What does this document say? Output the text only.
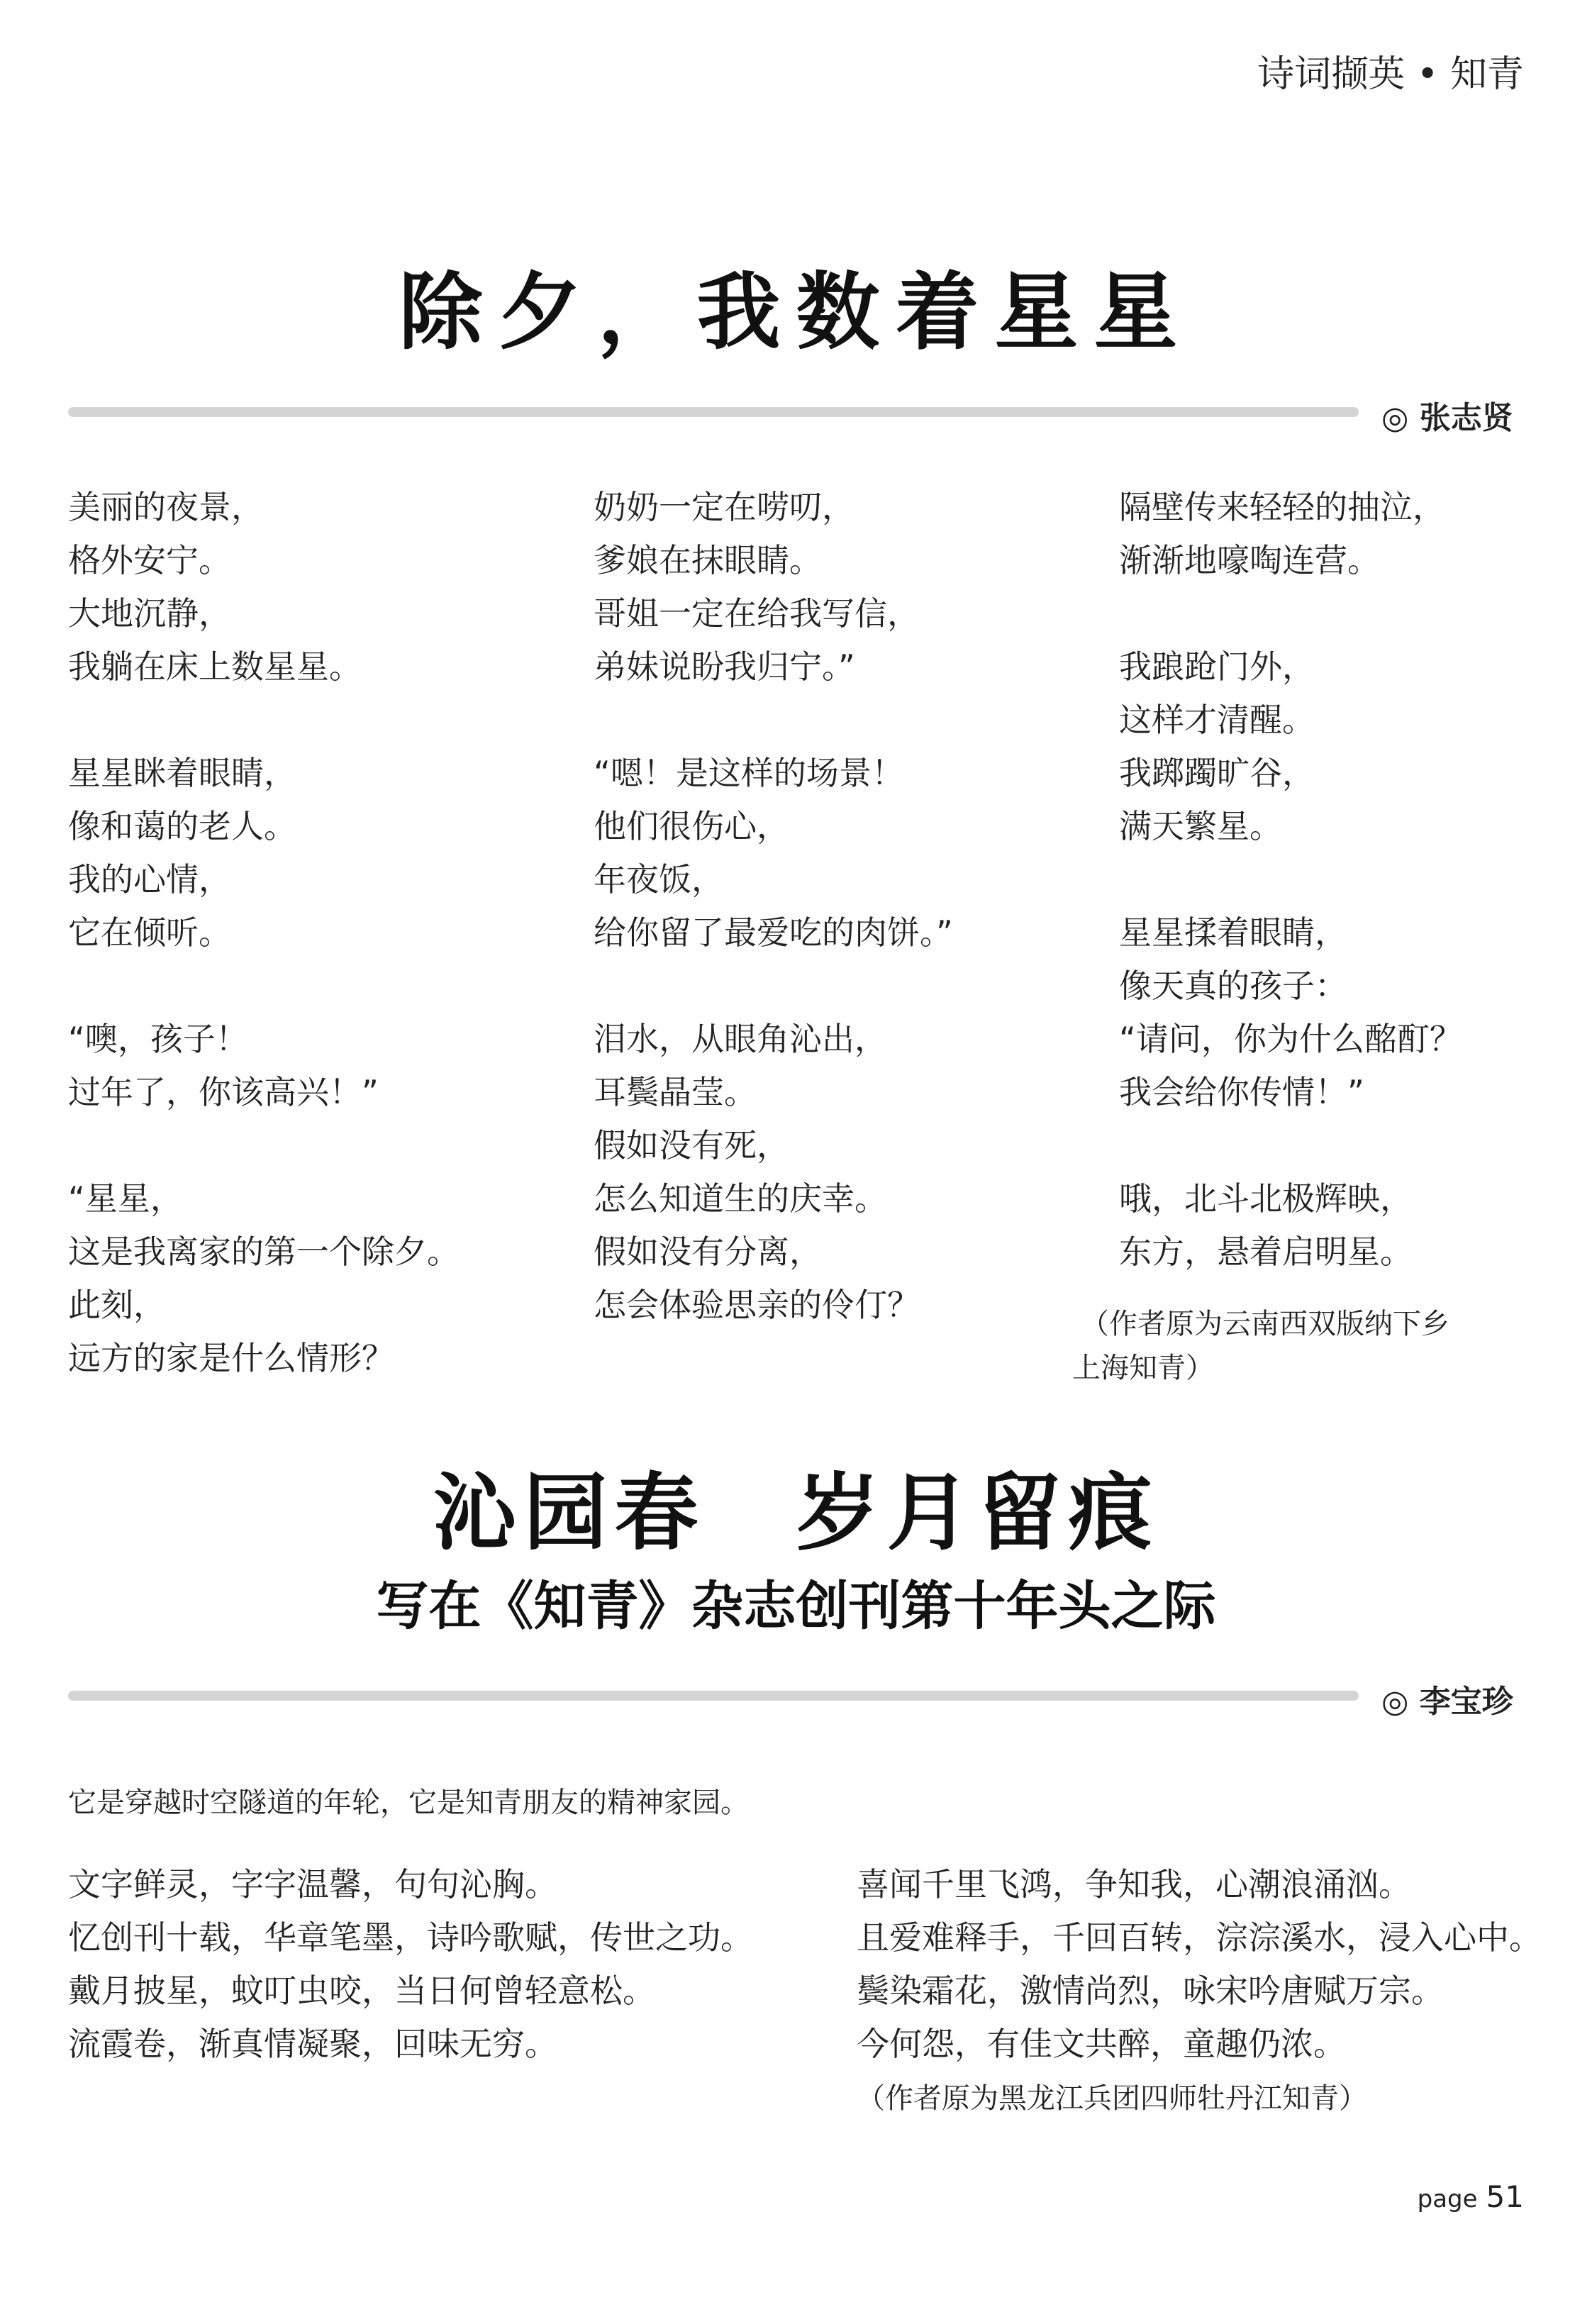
诗词撷英 • 知青
除夕，我数着星星
◎ 张志贤
美丽的夜景，
格外安宁。
大地沉静，
我躺在床上数星星。
星星眯着眼睛，
像和蔼的老人。
我的心情，
它在倾听。
“噢，孩子！
过年了，你该高兴！”
“星星，
这是我离家的第一个除夕。
此刻，
远方的家是什么情形？
奶奶一定在唠叨，
爹娘在抹眼睛。
哥姐一定在给我写信，
弟妹说盼我归宁。”
“嗯！是这样的场景！
他们很伤心，
年夜饭，
给你留了最爱吃的肉饼。”
泪水，从眼角沁出，
耳鬓晶莹。
假如没有死，
怎么知道生的庆幸。
假如没有分离，
怎会体验思亲的伶仃？
隔壁传来轻轻的抽泣，
渐渐地嚎啕连营。
我踉跄门外，
这样才清醒。
我踯躅旷谷，
满天繁星。
星星揉着眼睛，
像天真的孩子：
“请问，你为什么酩酊？
我会给你传情！”
哦，北斗北极辉映，
东方，悬着启明星。
（作者原为云南西双版纳下乡
上海知青）
沁园春　岁月留痕
写在《知青》杂志创刊第十年头之际
◎ 李宝珍
它是穿越时空隧道的年轮，它是知青朋友的精神家园。
文字鲜灵，字字温馨，句句沁胸。
忆创刊十载，华章笔墨，诗吟歌赋，传世之功。
戴月披星，蚊叮虫咬，当日何曾轻意松。
流霞卷，渐真情凝聚，回味无穷。
喜闻千里飞鸿，争知我，心潮浪涌汹。
且爱难释手，千回百转，淙淙溪水，浸入心中。
鬓染霜花，激情尚烈，咏宋吟唐赋万宗。
今何怨，有佳文共醉，童趣仍浓。
（作者原为黑龙江兵团四师牡丹江知青）
page 51
